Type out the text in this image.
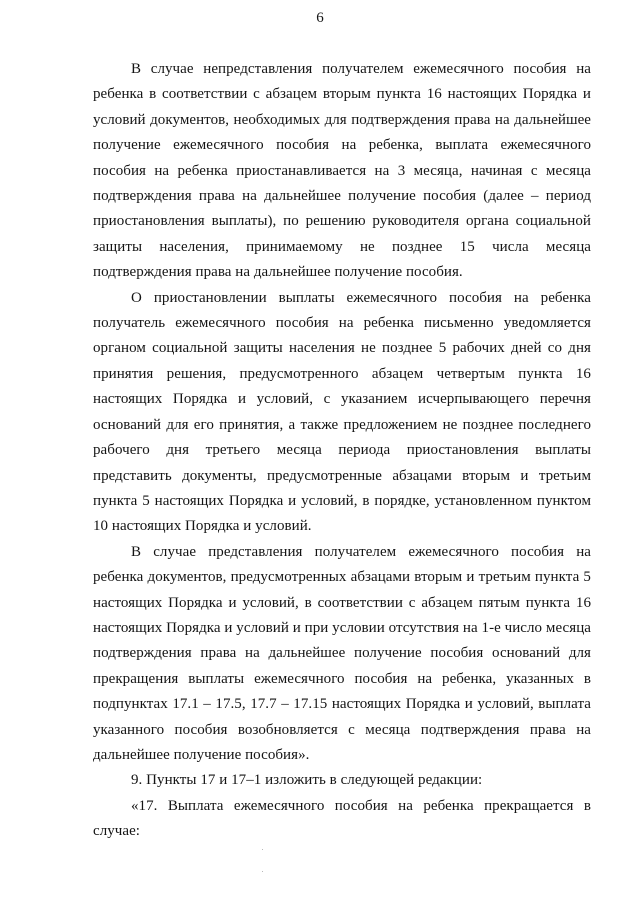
6

В случае непредставления получателем ежемесячного пособия на ребенка в соответствии с абзацем вторым пункта 16 настоящих Порядка и условий документов, необходимых для подтверждения права на дальнейшее получение ежемесячного пособия на ребенка, выплата ежемесячного пособия на ребенка приостанавливается на 3 месяца, начиная с месяца подтверждения права на дальнейшее получение пособия (далее – период приостановления выплаты), по решению руководителя органа социальной защиты населения, принимаемому не позднее 15 числа месяца подтверждения права на дальнейшее получение пособия.

О приостановлении выплаты ежемесячного пособия на ребенка получатель ежемесячного пособия на ребенка письменно уведомляется органом социальной защиты населения не позднее 5 рабочих дней со дня принятия решения, предусмотренного абзацем четвертым пункта 16 настоящих Порядка и условий, с указанием исчерпывающего перечня оснований для его принятия, а также предложением не позднее последнего рабочего дня третьего месяца периода приостановления выплаты представить документы, предусмотренные абзацами вторым и третьим пункта 5 настоящих Порядка и условий, в порядке, установленном пунктом 10 настоящих Порядка и условий.

В случае представления получателем ежемесячного пособия на ребенка документов, предусмотренных абзацами вторым и третьим пункта 5 настоящих Порядка и условий, в соответствии с абзацем пятым пункта 16 настоящих Порядка и условий и при условии отсутствия на 1-е число месяца подтверждения права на дальнейшее получение пособия оснований для прекращения выплаты ежемесячного пособия на ребенка, указанных в подпунктах 17.1 – 17.5, 17.7 – 17.15 настоящих Порядка и условий, выплата указанного пособия возобновляется с месяца подтверждения права на дальнейшее получение пособия».

9. Пункты 17 и 17–1 изложить в следующей редакции:

«17. Выплата ежемесячного пособия на ребенка прекращается в случае:
